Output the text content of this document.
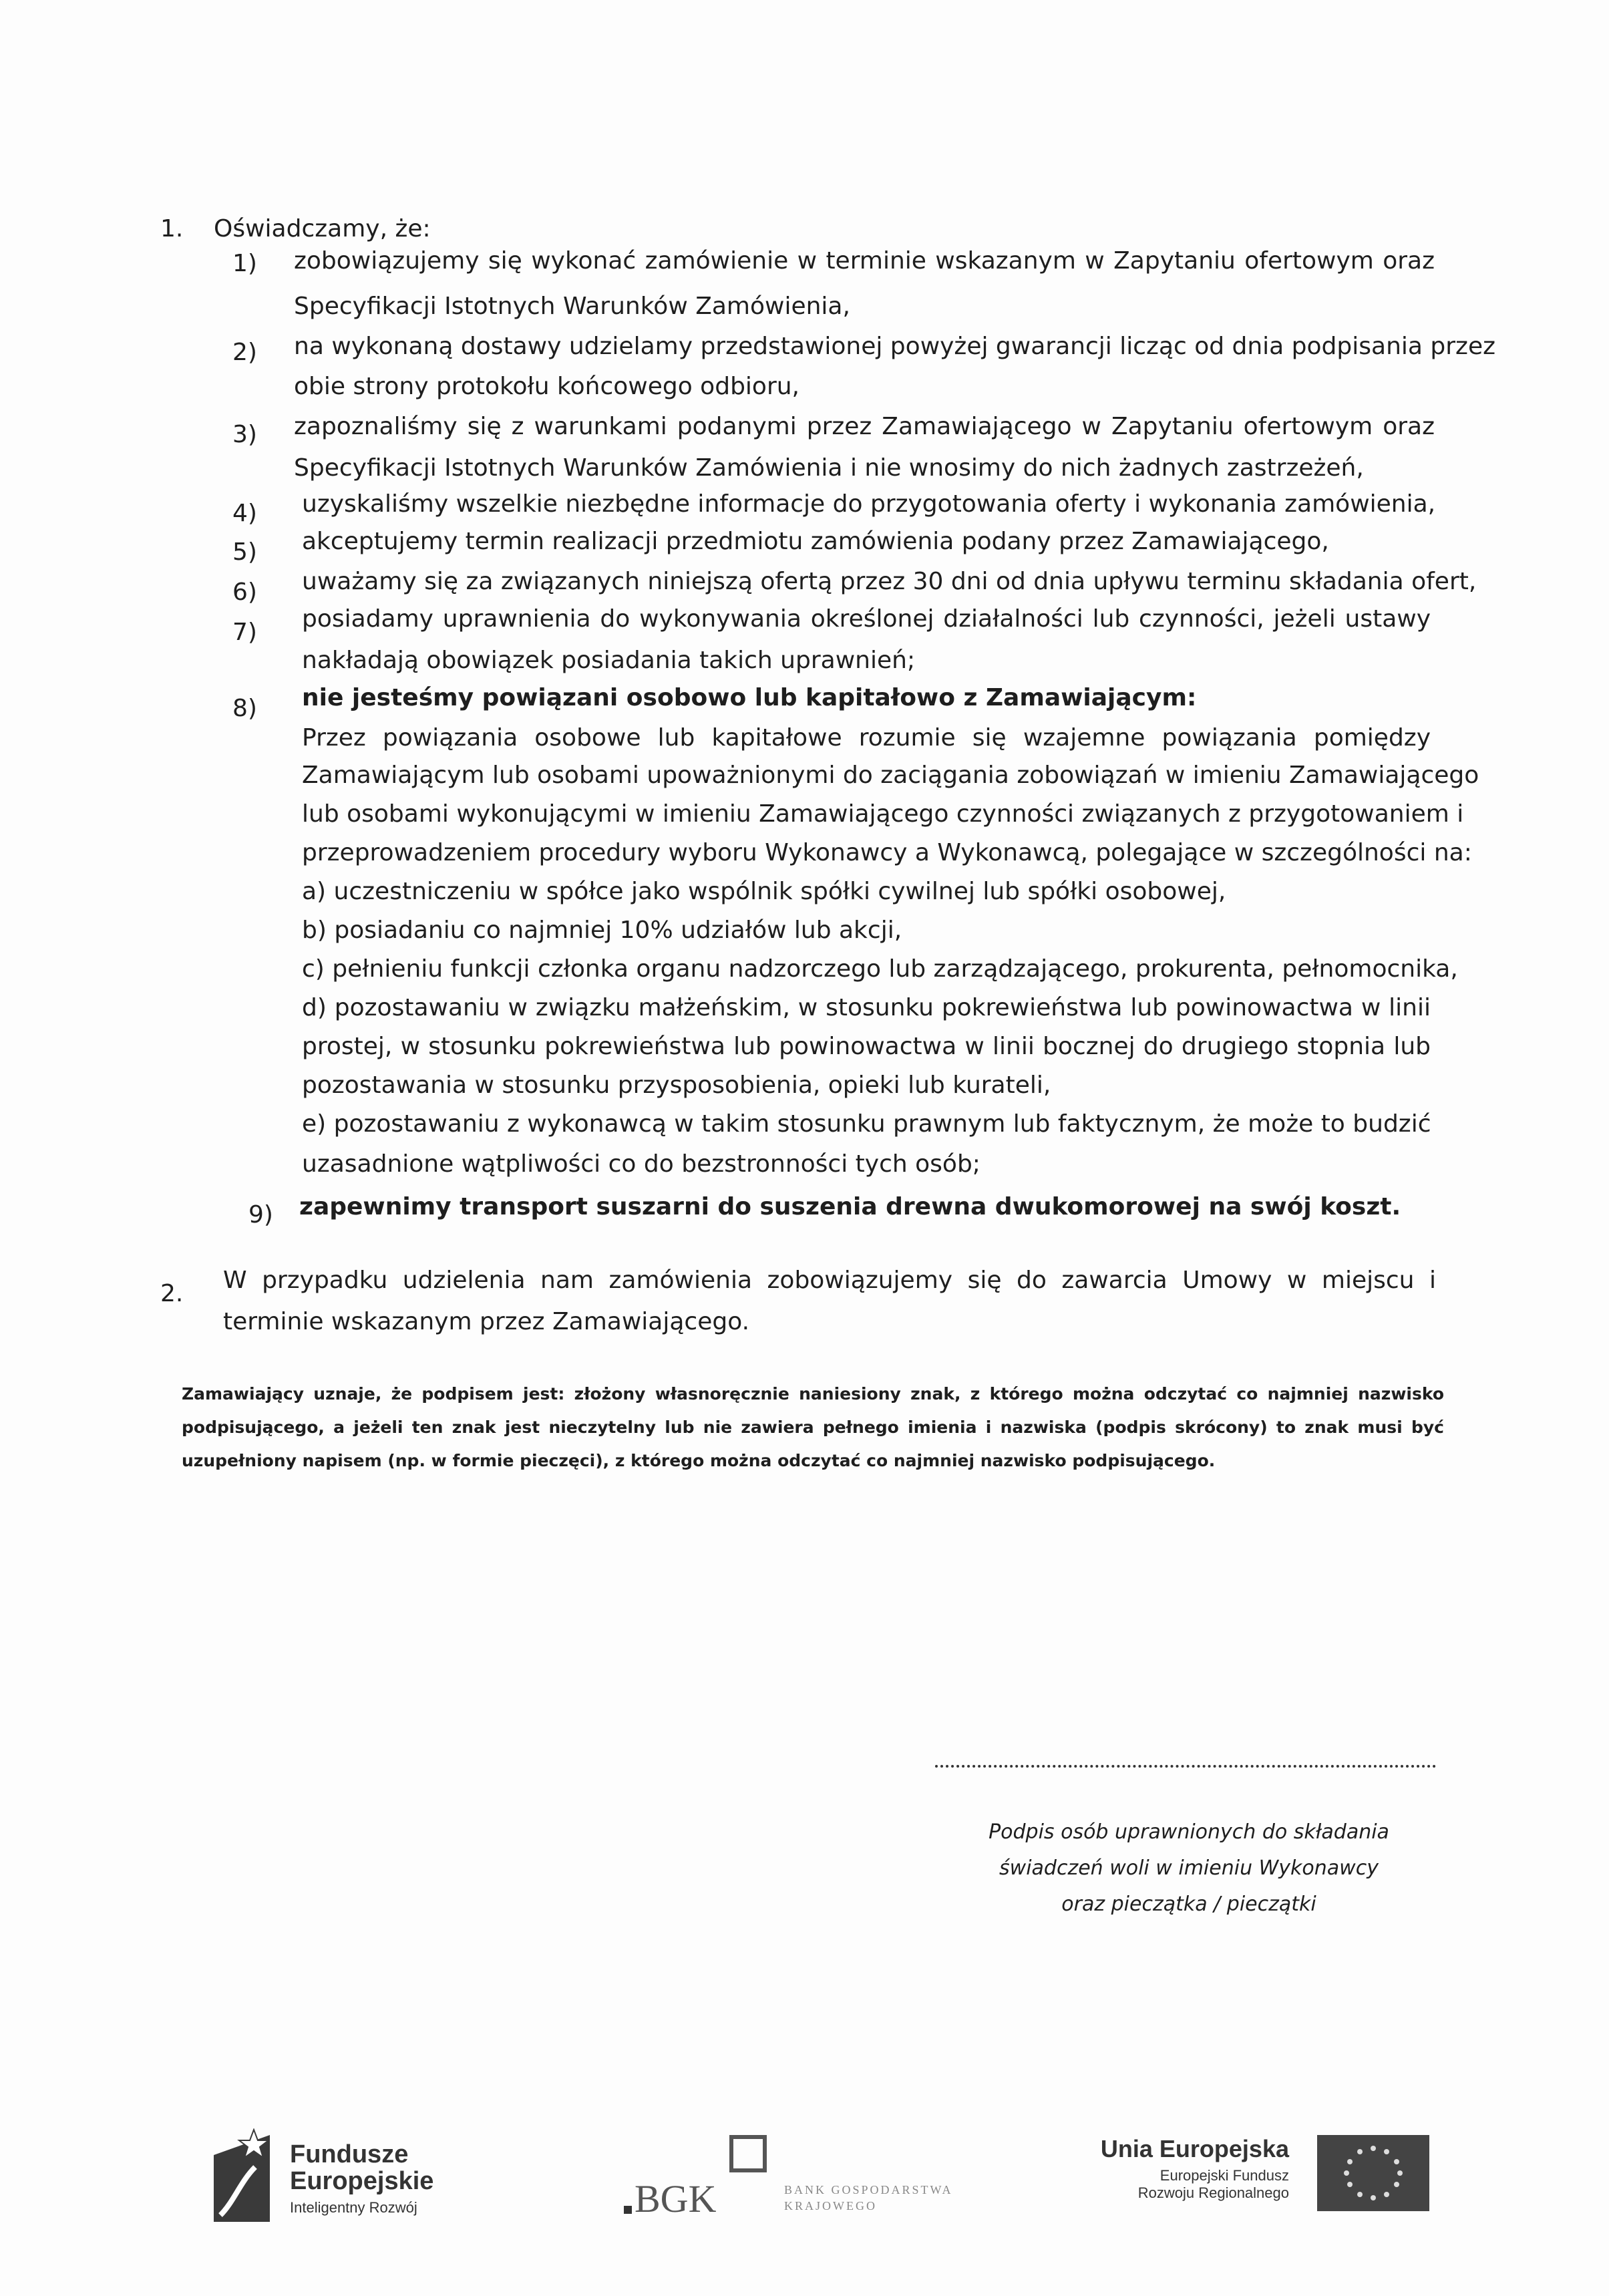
1. Oświadczamy, że:
1) zobowiązujemy się wykonać zamówienie w terminie wskazanym w Zapytaniu ofertowym oraz
Specyfikacji Istotnych Warunków Zamówienia,
2) na wykonaną dostawy udzielamy przedstawionej powyżej gwarancji licząc od dnia podpisania przez
obie strony protokołu końcowego odbioru,
3) zapoznaliśmy się z warunkami podanymi przez Zamawiającego w Zapytaniu ofertowym oraz
Specyfikacji Istotnych Warunków Zamówienia i nie wnosimy do nich żadnych zastrzeżeń,
4) uzyskaliśmy wszelkie niezbędne informacje do przygotowania oferty i wykonania zamówienia,
5) akceptujemy termin realizacji przedmiotu zamówienia podany przez Zamawiającego,
6) uważamy się za związanych niniejszą ofertą przez 30 dni od dnia upływu terminu składania ofert,
7) posiadamy uprawnienia do wykonywania określonej działalności lub czynności, jeżeli ustawy
nakładają obowiązek posiadania takich uprawnień;
8) nie jesteśmy powiązani osobowo lub kapitałowo z Zamawiającym:
Przez powiązania osobowe lub kapitałowe rozumie się wzajemne powiązania pomiędzy
Zamawiającym lub osobami upoważnionymi do zaciągania zobowiązań w imieniu Zamawiającego
lub osobami wykonującymi w imieniu Zamawiającego czynności związanych z przygotowaniem i
przeprowadzeniem procedury wyboru Wykonawcy a Wykonawcą, polegające w szczególności na:
a) uczestniczeniu w spółce jako wspólnik spółki cywilnej lub spółki osobowej,
b) posiadaniu co najmniej 10% udziałów lub akcji,
c) pełnieniu funkcji członka organu nadzorczego lub zarządzającego, prokurenta, pełnomocnika,
d) pozostawaniu w związku małżeńskim, w stosunku pokrewieństwa lub powinowactwa w linii
prostej, w stosunku pokrewieństwa lub powinowactwa w linii bocznej do drugiego stopnia lub
pozostawania w stosunku przysposobienia, opieki lub kurateli,
e) pozostawaniu z wykonawcą w takim stosunku prawnym lub faktycznym, że może to budzić
uzasadnione wątpliwości co do bezstronności tych osób;
9) zapewnimy transport suszarni do suszenia drewna dwukomorowej na swój koszt.
2. W przypadku udzielenia nam zamówienia zobowiązujemy się do zawarcia Umowy w miejscu i
terminie wskazanym przez Zamawiającego.
Zamawiający uznaje, że podpisem jest: złożony własnoręcznie naniesiony znak, z którego można odczytać co najmniej nazwisko
podpisującego, a jeżeli ten znak jest nieczytelny lub nie zawiera pełnego imienia i nazwiska (podpis skrócony) to znak musi być
uzupełniony napisem (np. w formie pieczęci), z którego można odczytać co najmniej nazwisko podpisującego.
Podpis osób uprawnionych do składania
świadczeń woli w imieniu Wykonawcy
oraz pieczątka / pieczątki
Fundusze
Europejskie
Inteligentny Rozwój	BGK	BANK GOSPODARSTWA
KRAJOWEGO
Unia Europejska
Europejski Fundusz
Rozwoju Regionalnego
